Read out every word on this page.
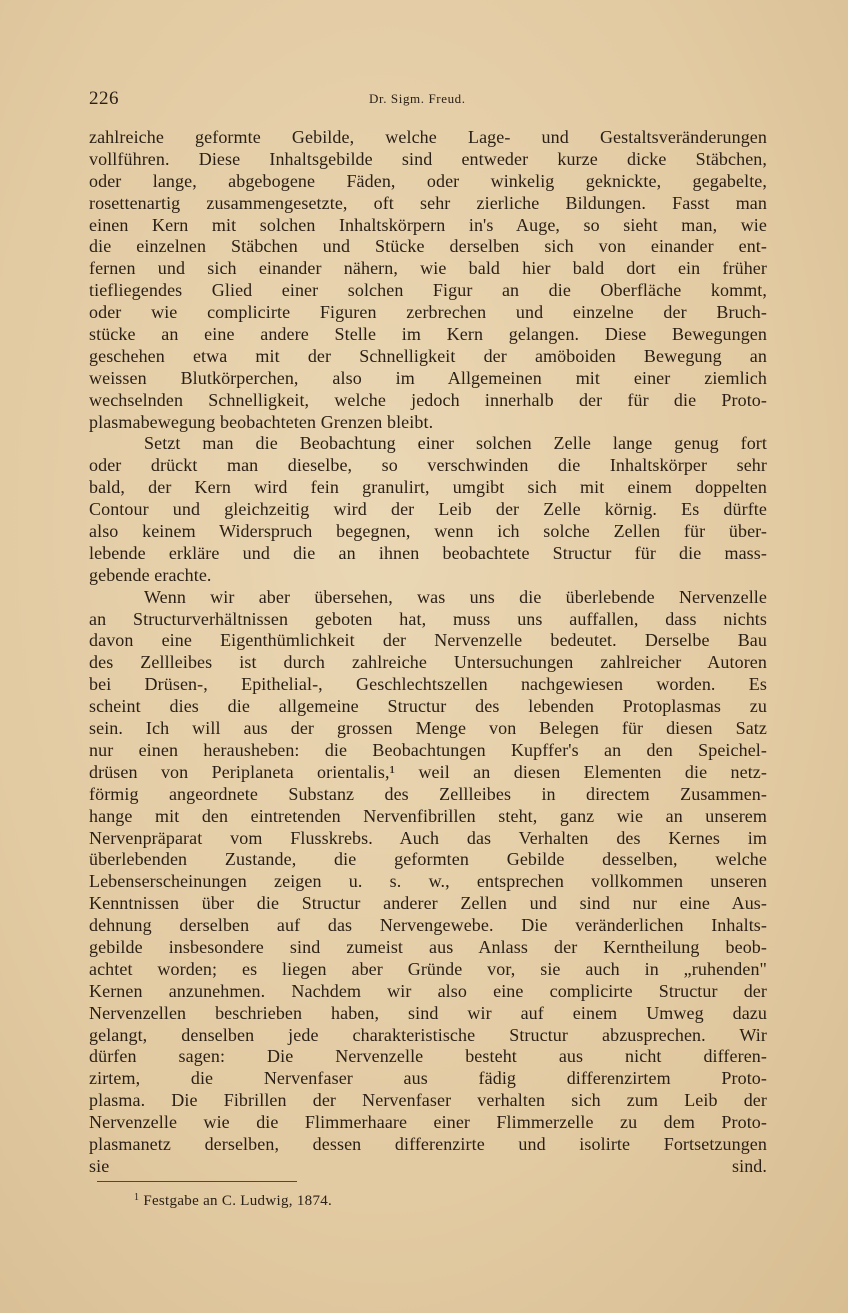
226	Dr. Sigm. Freud.
zahlreiche geformte Gebilde, welche Lage- und Gestaltsveränderungen
vollführen. Diese Inhaltsgebilde sind entweder kurze dicke Stäbchen,
oder lange, abgebogene Fäden, oder winkelig geknickte, gegabelte,
rosettenartig zusammengesetzte, oft sehr zierliche Bildungen. Fasst man
einen Kern mit solchen Inhaltskörpern in's Auge, so sieht man, wie
die einzelnen Stäbchen und Stücke derselben sich von einander ent-
fernen und sich einander nähern, wie bald hier bald dort ein früher
tiefliegendes Glied einer solchen Figur an die Oberfläche kommt,
oder wie complicirte Figuren zerbrechen und einzelne der Bruch-
stücke an eine andere Stelle im Kern gelangen. Diese Bewegungen
geschehen etwa mit der Schnelligkeit der amöboiden Bewegung an
weissen Blutkörperchen, also im Allgemeinen mit einer ziemlich
wechselnden Schnelligkeit, welche jedoch innerhalb der für die Proto-
plasmabewegung beobachteten Grenzen bleibt.
Setzt man die Beobachtung einer solchen Zelle lange genug fort
oder drückt man dieselbe, so verschwinden die Inhaltskörper sehr
bald, der Kern wird fein granulirt, umgibt sich mit einem doppelten
Contour und gleichzeitig wird der Leib der Zelle körnig. Es dürfte
also keinem Widerspruch begegnen, wenn ich solche Zellen für über-
lebende erkläre und die an ihnen beobachtete Structur für die mass-
gebende erachte.
Wenn wir aber übersehen, was uns die überlebende Nervenzelle
an Structurverhältnissen geboten hat, muss uns auffallen, dass nichts
davon eine Eigenthümlichkeit der Nervenzelle bedeutet. Derselbe Bau
des Zellleibes ist durch zahlreiche Untersuchungen zahlreicher Autoren
bei Drüsen-, Epithelial-, Geschlechtszellen nachgewiesen worden. Es
scheint dies die allgemeine Structur des lebenden Protoplasmas zu
sein. Ich will aus der grossen Menge von Belegen für diesen Satz
nur einen herausheben: die Beobachtungen Kupffer's an den Speichel-
drüsen von Periplaneta orientalis,¹ weil an diesen Elementen die netz-
förmig angeordnete Substanz des Zellleibes in directem Zusammen-
hange mit den eintretenden Nervenfibrillen steht, ganz wie an unserem
Nervenpräparat vom Flusskrebs. Auch das Verhalten des Kernes im
überlebenden Zustande, die geformten Gebilde desselben, welche
Lebenserscheinungen zeigen u. s. w., entsprechen vollkommen unseren
Kenntnissen über die Structur anderer Zellen und sind nur eine Aus-
dehnung derselben auf das Nervengewebe. Die veränderlichen Inhalts-
gebilde insbesondere sind zumeist aus Anlass der Kerntheilung beob-
achtet worden; es liegen aber Gründe vor, sie auch in „ruhenden"
Kernen anzunehmen. Nachdem wir also eine complicirte Structur der
Nervenzellen beschrieben haben, sind wir auf einem Umweg dazu
gelangt, denselben jede charakteristische Structur abzusprechen. Wir
dürfen sagen: Die Nervenzelle besteht aus nicht differen-
zirtem, die Nervenfaser aus fädig differenzirtem Proto-
plasma. Die Fibrillen der Nervenfaser verhalten sich zum Leib der
Nervenzelle wie die Flimmerhaare einer Flimmerzelle zu dem Proto-
plasmanetz derselben, dessen differenzirte und isolirte Fortsetzungen
sie sind.
$^1$ Festgabe an C. Ludwig, 1874.
